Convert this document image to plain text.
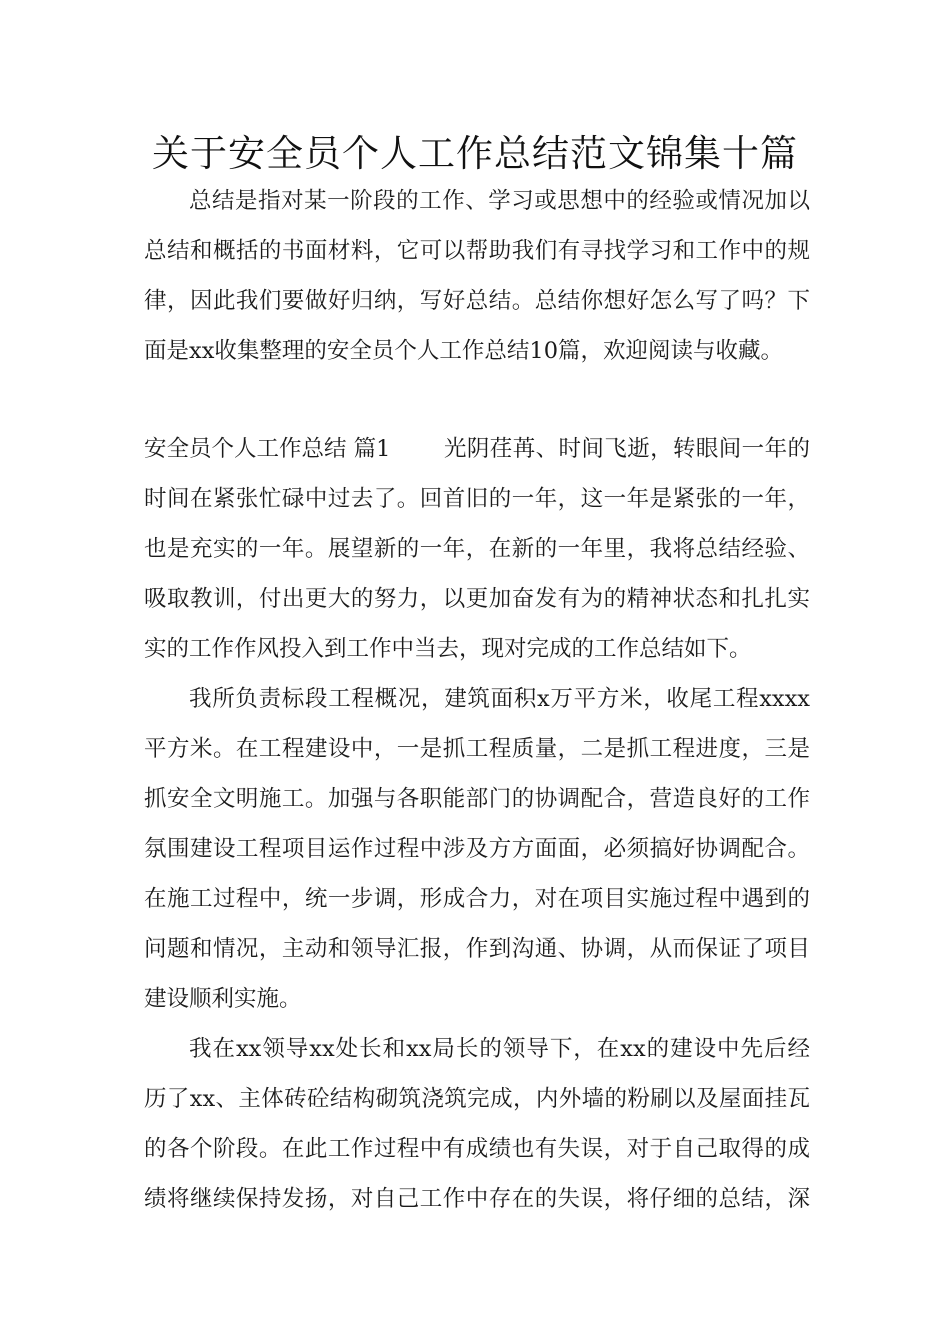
关于安全员个人工作总结范文锦集十篇
总结是指对某一阶段的工作、学习或思想中的经验或情况加以
总结和概括的书面材料，它可以帮助我们有寻找学习和工作中的规
律，因此我们要做好归纳，写好总结。总结你想好怎么写了吗？下
面是xx收集整理的安全员个人工作总结10篇，欢迎阅读与收藏。
安全员个人工作总结 篇1 光阴荏苒、时间飞逝，转眼间一年的
时间在紧张忙碌中过去了。回首旧的一年，这一年是紧张的一年，
也是充实的一年。展望新的一年，在新的一年里，我将总结经验、
吸取教训，付出更大的努力，以更加奋发有为的精神状态和扎扎实
实的工作作风投入到工作中当去，现对完成的工作总结如下。
我所负责标段工程概况，建筑面积x万平方米，收尾工程xxxx
平方米。在工程建设中，一是抓工程质量，二是抓工程进度，三是
抓安全文明施工。加强与各职能部门的协调配合，营造良好的工作
氛围建设工程项目运作过程中涉及方方面面，必须搞好协调配合。
在施工过程中，统一步调，形成合力，对在项目实施过程中遇到的
问题和情况，主动和领导汇报，作到沟通、协调，从而保证了项目
建设顺利实施。
我在xx领导xx处长和xx局长的领导下，在xx的建设中先后经
历了xx、主体砖砼结构砌筑浇筑完成，内外墙的粉刷以及屋面挂瓦
的各个阶段。在此工作过程中有成绩也有失误，对于自己取得的成
绩将继续保持发扬，对自己工作中存在的失误，将仔细的总结，深
